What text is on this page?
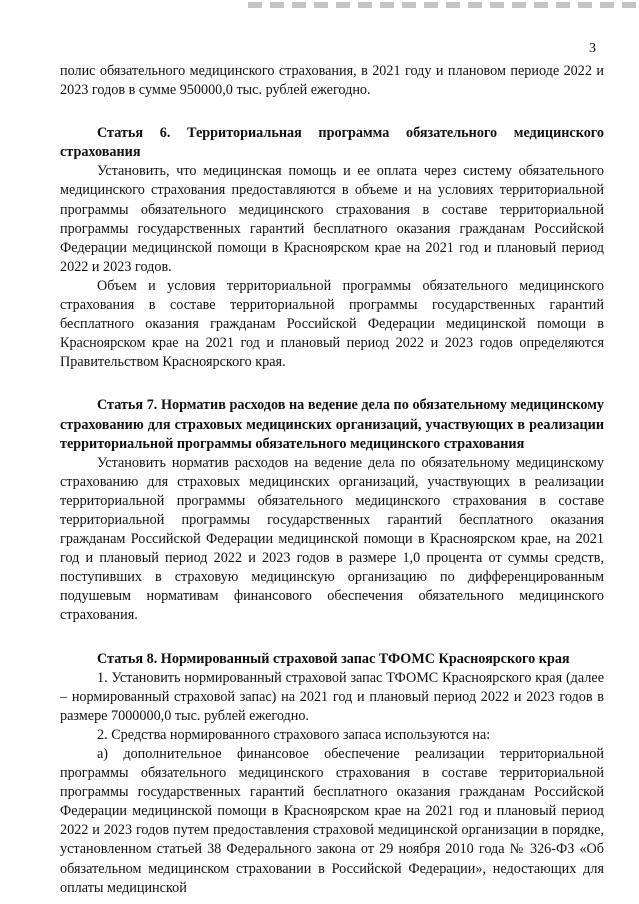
3

полис обязательного медицинского страхования, в 2021 году и плановом периоде 2022 и 2023 годов в сумме 950000,0 тыс. рублей ежегодно.

Статья 6. Территориальная программа обязательного медицинского страхования

Установить, что медицинская помощь и ее оплата через систему обязательного медицинского страхования предоставляются в объеме и на условиях территориальной программы обязательного медицинского страхования в составе территориальной программы государственных гарантий бесплатного оказания гражданам Российской Федерации медицинской помощи в Красноярском крае на 2021 год и плановый период 2022 и 2023 годов.

Объем и условия территориальной программы обязательного медицинского страхования в составе территориальной программы государственных гарантий бесплатного оказания гражданам Российской Федерации медицинской помощи в Красноярском крае на 2021 год и плановый период 2022 и 2023 годов определяются Правительством Красноярского края.

Статья 7. Норматив расходов на ведение дела по обязательному медицинскому страхованию для страховых медицинских организаций, участвующих в реализации территориальной программы обязательного медицинского страхования

Установить норматив расходов на ведение дела по обязательному медицинскому страхованию для страховых медицинских организаций, участвующих в реализации территориальной программы обязательного медицинского страхования в составе территориальной программы государственных гарантий бесплатного оказания гражданам Российской Федерации медицинской помощи в Красноярском крае, на 2021 год и плановый период 2022 и 2023 годов в размере 1,0 процента от суммы средств, поступивших в страховую медицинскую организацию по дифференцированным подушевым нормативам финансового обеспечения обязательного медицинского страхования.

Статья 8. Нормированный страховой запас ТФОМС Красноярского края

1. Установить нормированный страховой запас ТФОМС Красноярского края (далее – нормированный страховой запас) на 2021 год и плановый период 2022 и 2023 годов в размере 7000000,0 тыс. рублей ежегодно.

2. Средства нормированного страхового запаса используются на:

а) дополнительное финансовое обеспечение реализации территориальной программы обязательного медицинского страхования в составе территориальной программы государственных гарантий бесплатного оказания гражданам Российской Федерации медицинской помощи в Красноярском крае на 2021 год и плановый период 2022 и 2023 годов путем предоставления страховой медицинской организации в порядке, установленном статьей 38 Федерального закона от 29 ноября 2010 года № 326-ФЗ «Об обязательном медицинском страховании в Российской Федерации», недостающих для оплаты медицинской
